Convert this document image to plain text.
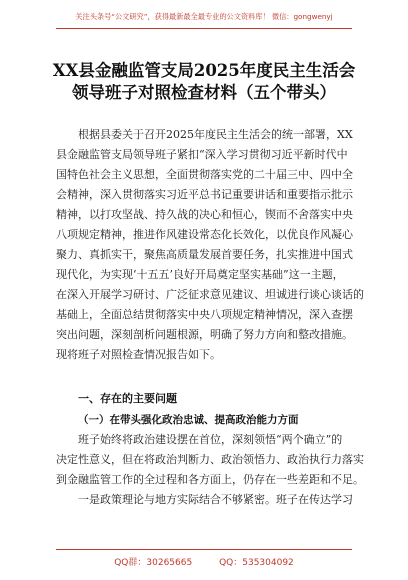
关注头条号“公文研究”，获得最新最全最专业的公文资料库！ 微信：gongwenyj
XX县金融监管支局2025年度民主生活会
领导班子对照检查材料（五个带头）
根据县委关于召开2025年度民主生活会的统一部署，XX
县金融监管支局领导班子紧扣“深入学习贯彻习近平新时代中
国特色社会主义思想，全面贯彻落实党的二十届三中、四中全
会精神，深入贯彻落实习近平总书记重要讲话和重要指示批示
精神，以打攻坚战、持久战的决心和恒心，锲而不舍落实中央
八项规定精神，推进作风建设常态化长效化，以优良作风凝心
聚力、真抓实干，聚焦高质量发展首要任务，扎实推进中国式
现代化，为实现‘十五五’良好开局奠定坚实基础”这一主题，
在深入开展学习研讨、广泛征求意见建议、坦诚进行谈心谈话的
基础上，全面总结贯彻落实中央八项规定精神情况，深入查摆
突出问题，深刻剖析问题根源，明确了努力方向和整改措施。
现将班子对照检查情况报告如下。
一、存在的主要问题
（一）在带头强化政治忠诚、提高政治能力方面
班子始终将政治建设摆在首位，深刻领悟“两个确立”的
决定性意义，但在将政治判断力、政治领悟力、政治执行力落实
到金融监管工作的全过程和各方面上，仍存在一些差距和不足。
一是政策理论与地方实际结合不够紧密。班子在传达学习
QQ群：30265665	QQ：535304092
